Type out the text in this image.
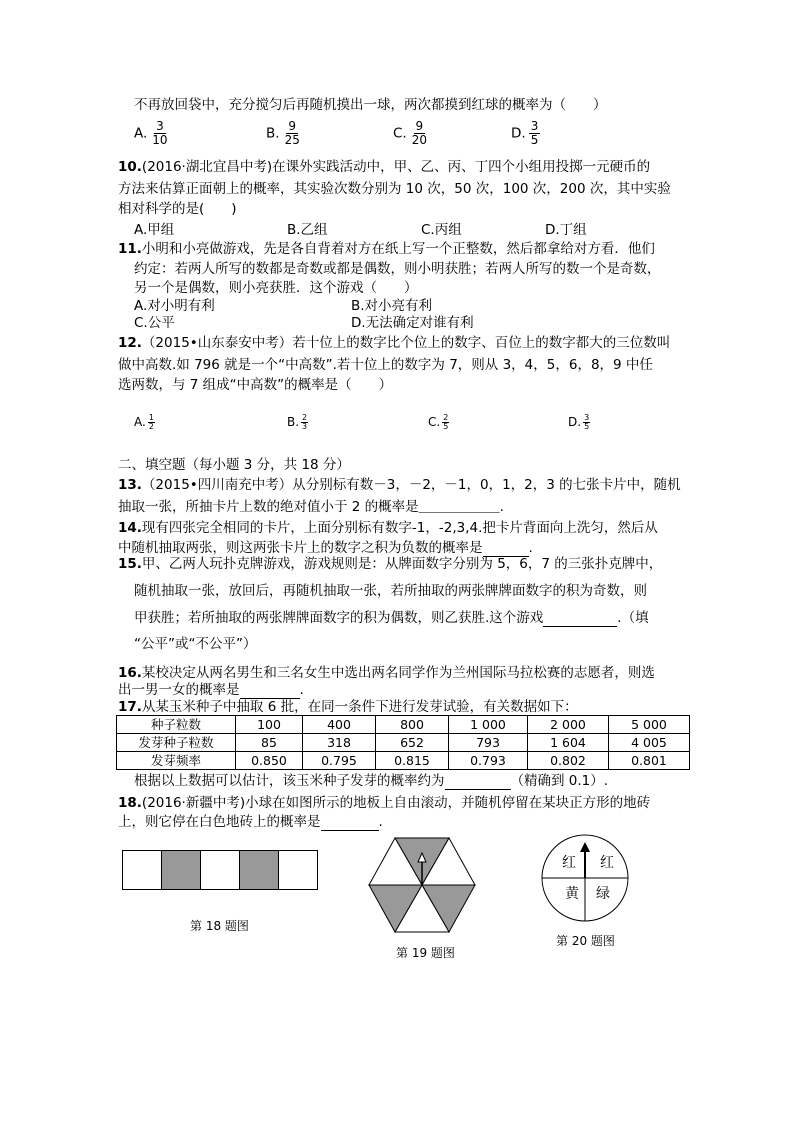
不再放回袋中，充分搅匀后再随机摸出一球，两次都摸到红球的概率为（　　）
A. $\frac{3}{10}$	B. $\frac{9}{25}$	C. $\frac{9}{20}$	D. $\frac{3}{5}$
10.(2016·湖北宜昌中考)在课外实践活动中，甲、乙、丙、丁四个小组用投掷一元硬币的
方法来估算正面朝上的概率，其实验次数分别为 10 次，50 次，100 次，200 次，其中实验
相对科学的是(　　)
A.甲组	B.乙组	C.丙组	D.丁组
11.小明和小亮做游戏，先是各自背着对方在纸上写一个正整数，然后都拿给对方看．他们
约定：若两人所写的数都是奇数或都是偶数，则小明获胜；若两人所写的数一个是奇数，
另一个是偶数，则小亮获胜．这个游戏（　　）
A.对小明有利	B.对小亮有利
C.公平	D.无法确定对谁有利
12.（2015•山东泰安中考）若十位上的数字比个位上的数字、百位上的数字都大的三位数叫
做中高数.如 796 就是一个“中高数”.若十位上的数字为 7，则从 3，4，5，6，8，9 中任
选两数，与 7 组成“中高数”的概率是（　　）
A. $\frac{1}{2}$	B. $\frac{2}{3}$	C. $\frac{2}{5}$	D. $\frac{3}{5}$
二、填空题（每小题 3 分，共 18 分）
13.（2015•四川南充中考）从分别标有数－3，－2，－1，0，1，2，3 的七张卡片中，随机
抽取一张，所抽卡片上数的绝对值小于 2 的概率是＿＿＿＿＿＿.
14.现有四张完全相同的卡片，上面分别标有数字-1，-2,3,4.把卡片背面向上洗匀，然后从
中随机抽取两张，则这两张卡片上的数字之积为负数的概率是	.
15.甲、乙两人玩扑克牌游戏，游戏规则是：从牌面数字分别为 5，6，7 的三张扑克牌中，
随机抽取一张，放回后，再随机抽取一张，若所抽取的两张牌牌面数字的积为奇数，则
甲获胜；若所抽取的两张牌牌面数字的积为偶数，则乙获胜.这个游戏	.（填
“公平”或“不公平”）
16.某校决定从两名男生和三名女生中选出两名同学作为兰州国际马拉松赛的志愿者，则选
出一男一女的概率是	.
17.从某玉米种子中抽取 6 批，在同一条件下进行发芽试验，有关数据如下：
种子粒数	100	400	800	1 000	2 000	5 000
发芽种子粒数	85	318	652	793	1 604	4 005
发芽频率	0.850	0.795	0.815	0.793	0.802	0.801
根据以上数据可以估计，该玉米种子发芽的概率约为	（精确到 0.1）.
18.(2016·新疆中考)小球在如图所示的地板上自由滚动，并随机停留在某块正方形的地砖
上，则它停在白色地砖上的概率是	.
第 18 题图
第 19 题图
红 红
黄 绿
第 20 题图
